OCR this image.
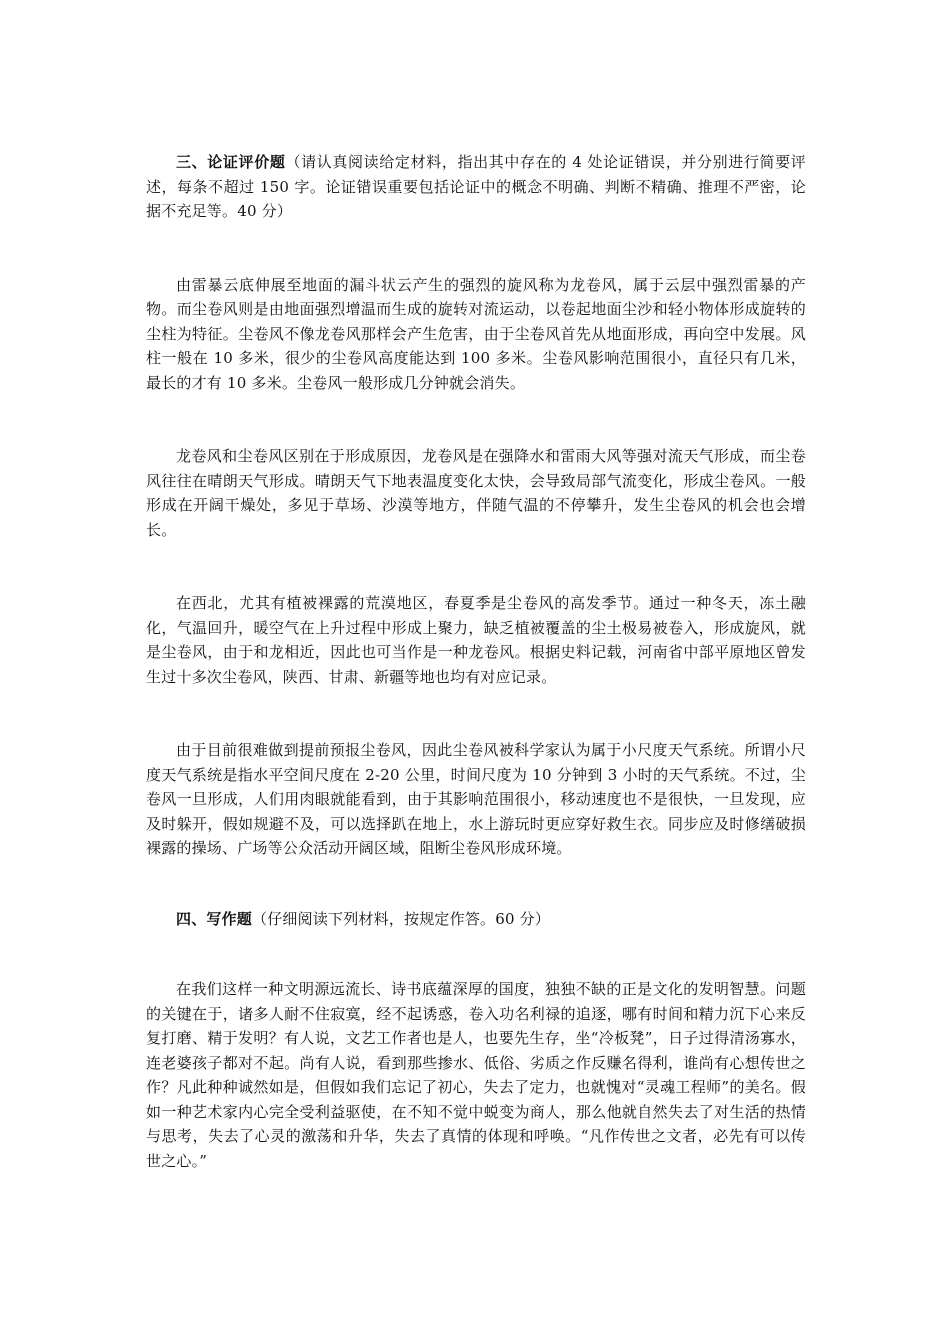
三、论证评价题（请认真阅读给定材料，指出其中存在的 4 处论证错误，并分别进行简要评述，每条不超过 150 字。论证错误重要包括论证中的概念不明确、判断不精确、推理不严密，论据不充足等。40 分）

由雷暴云底伸展至地面的漏斗状云产生的强烈的旋风称为龙卷风，属于云层中强烈雷暴的产物。而尘卷风则是由地面强烈增温而生成的旋转对流运动，以卷起地面尘沙和轻小物体形成旋转的尘柱为特征。尘卷风不像龙卷风那样会产生危害，由于尘卷风首先从地面形成，再向空中发展。风柱一般在 10 多米，很少的尘卷风高度能达到 100 多米。尘卷风影响范围很小，直径只有几米，最长的才有 10 多米。尘卷风一般形成几分钟就会消失。

龙卷风和尘卷风区别在于形成原因，龙卷风是在强降水和雷雨大风等强对流天气形成，而尘卷风往往在晴朗天气形成。晴朗天气下地表温度变化太快，会导致局部气流变化，形成尘卷风。一般形成在开阔干燥处，多见于草场、沙漠等地方，伴随气温的不停攀升，发生尘卷风的机会也会增长。

在西北，尤其有植被裸露的荒漠地区，春夏季是尘卷风的高发季节。通过一种冬天，冻土融化，气温回升，暖空气在上升过程中形成上聚力，缺乏植被覆盖的尘土极易被卷入，形成旋风，就是尘卷风，由于和龙相近，因此也可当作是一种龙卷风。根据史料记载，河南省中部平原地区曾发生过十多次尘卷风，陕西、甘肃、新疆等地也均有对应记录。

由于目前很难做到提前预报尘卷风，因此尘卷风被科学家认为属于小尺度天气系统。所谓小尺度天气系统是指水平空间尺度在 2-20 公里，时间尺度为 10 分钟到 3 小时的天气系统。不过，尘卷风一旦形成，人们用肉眼就能看到，由于其影响范围很小，移动速度也不是很快，一旦发现，应及时躲开，假如规避不及，可以选择趴在地上，水上游玩时更应穿好救生衣。同步应及时修缮破损裸露的操场、广场等公众活动开阔区域，阻断尘卷风形成环境。

四、写作题（仔细阅读下列材料，按规定作答。60 分）

在我们这样一种文明源远流长、诗书底蕴深厚的国度，独独不缺的正是文化的发明智慧。问题的关键在于，诸多人耐不住寂寞，经不起诱惑，卷入功名利禄的追逐，哪有时间和精力沉下心来反复打磨、精于发明？有人说，文艺工作者也是人，也要先生存，坐“冷板凳”，日子过得清汤寡水，连老婆孩子都对不起。尚有人说，看到那些掺水、低俗、劣质之作反赚名得利，谁尚有心想传世之作？凡此种种诚然如是，但假如我们忘记了初心，失去了定力，也就愧对“灵魂工程师”的美名。假如一种艺术家内心完全受利益驱使，在不知不觉中蜕变为商人，那么他就自然失去了对生活的热情与思考，失去了心灵的激荡和升华，失去了真情的体现和呼唤。“凡作传世之文者，必先有可以传世之心。”
